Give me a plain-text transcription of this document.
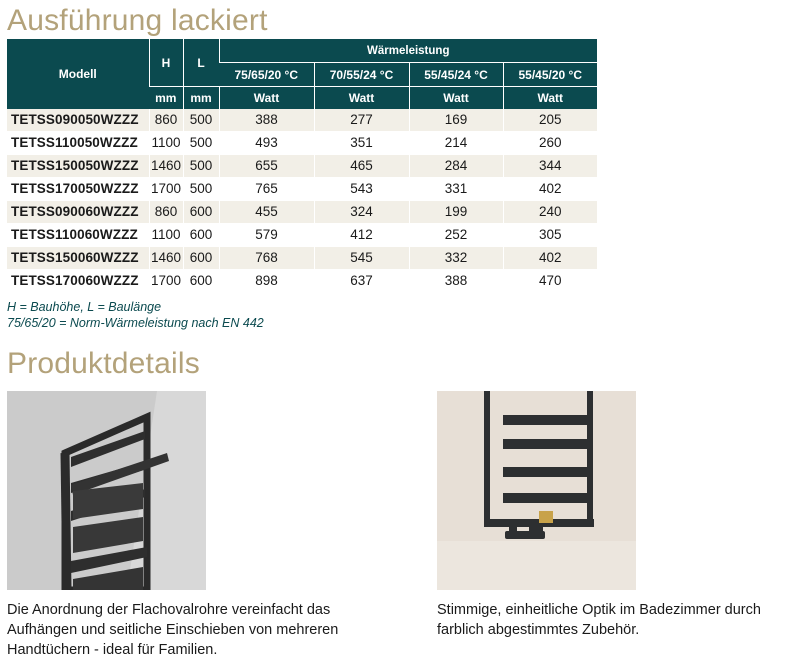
Ausführung lackiert
Modell	H	L	Wärmeleistung			
			75/65/20 °C	70/55/24 °C	55/45/24 °C	55/45/20 °C
	mm	mm	Watt	Watt	Watt	Watt
TETSS090050WZZZ	860	500	388	277	169	205
TETSS110050WZZZ	1100	500	493	351	214	260
TETSS150050WZZZ	1460	500	655	465	284	344
TETSS170050WZZZ	1700	500	765	543	331	402
TETSS090060WZZZ	860	600	455	324	199	240
TETSS110060WZZZ	1100	600	579	412	252	305
TETSS150060WZZZ	1460	600	768	545	332	402
TETSS170060WZZZ	1700	600	898	637	388	470
H = Bauhöhe, L = Baulänge
75/65/20 = Norm-Wärmeleistung nach EN 442
Produktdetails

Die Anordnung der Flachovalrohre vereinfacht das Aufhängen und seitliche Einschieben von mehreren Handtüchern - ideal für Familien.

Stimmige, einheitliche Optik im Badezimmer durch farblich abgestimmtes Zubehör.
